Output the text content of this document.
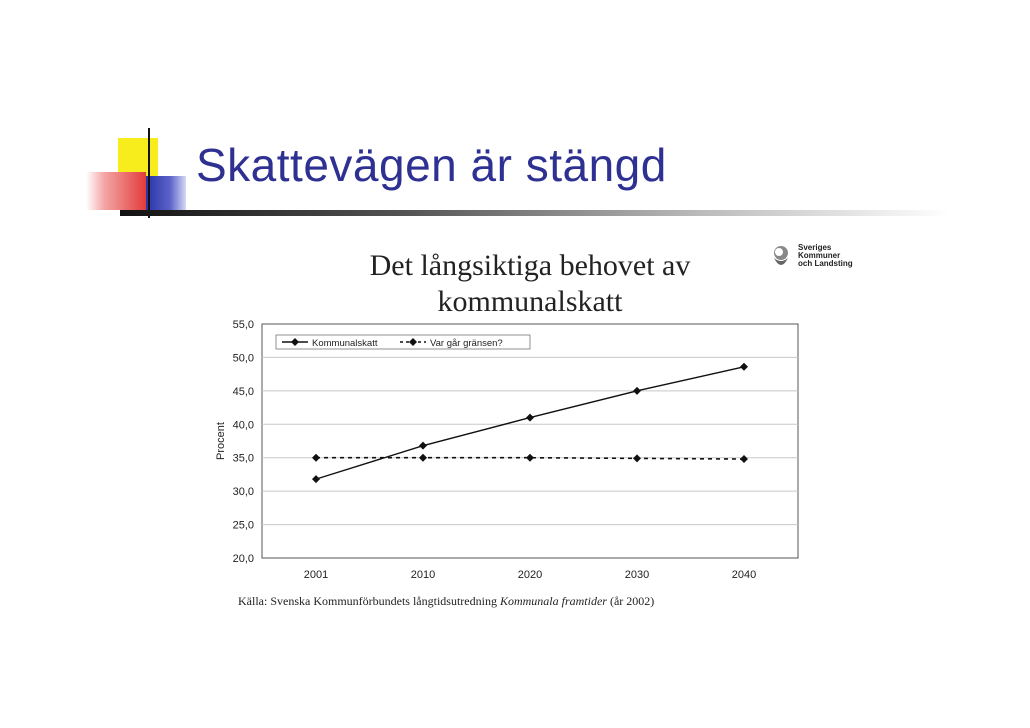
Skattevägen är stängd
Det långsiktiga behovet av
kommunalskatt
Sveriges
Kommuner
och Landsting
20,0
25,0
30,0
35,0
40,0
45,0
50,0
55,0
2001	2010	2020	2030	2040
Procent
Kommunalskatt	Var går gränsen?
Källa: Svenska Kommunförbundets långtidsutredning Kommunala framtider (år 2002)
